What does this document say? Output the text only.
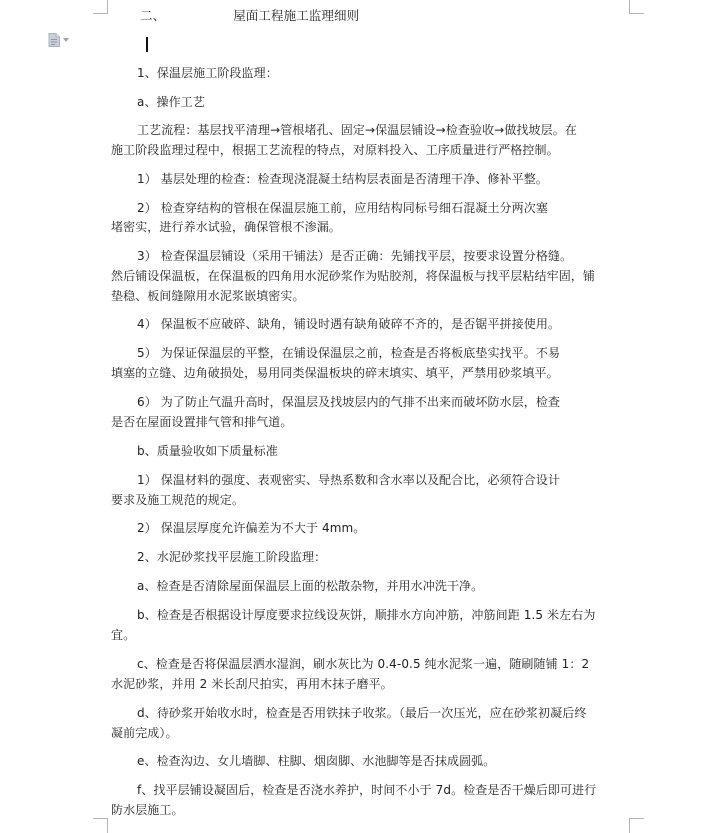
二、	屋面工程施工监理细则
1、保温层施工阶段监理：
a、操作工艺
工艺流程：基层找平清理→管根堵孔、固定→保温层铺设→检查验收→做找坡层。在
施工阶段监理过程中，根据工艺流程的特点，对原料投入、工序质量进行严格控制。
1） 基层处理的检查：检查现浇混凝土结构层表面是否清理干净、修补平整。
2） 检查穿结构的管根在保温层施工前，应用结构同标号细石混凝土分两次塞
堵密实，进行养水试验，确保管根不渗漏。
3） 检查保温层铺设（采用干铺法）是否正确：先铺找平层，按要求设置分格缝。
然后铺设保温板，在保温板的四角用水泥砂浆作为贴胶剂，将保温板与找平层粘结牢固，铺
垫稳、板间缝隙用水泥浆嵌填密实。
4） 保温板不应破碎、缺角，铺设时遇有缺角破碎不齐的，是否锯平拼接使用。
5） 为保证保温层的平整，在铺设保温层之前，检查是否将板底垫实找平。不易
填塞的立缝、边角破损处，易用同类保温板块的碎末填实、填平，严禁用砂浆填平。
6） 为了防止气温升高时，保温层及找坡层内的气排不出来而破坏防水层，检查
是否在屋面设置排气管和排气道。
b、质量验收如下质量标准
1） 保温材料的强度、表观密实、导热系数和含水率以及配合比，必须符合设计
要求及施工规范的规定。
2） 保温层厚度允许偏差为不大于 4mm。
2、水泥砂浆找平层施工阶段监理：
a、检查是否清除屋面保温层上面的松散杂物，并用水冲洗干净。
b、检查是否根据设计厚度要求拉线设灰饼，顺排水方向冲筋，冲筋间距 1.5 米左右为
宜。
c、检查是否将保温层洒水湿润，刷水灰比为 0.4-0.5 纯水泥浆一遍，随刷随铺 1：2
水泥砂浆，并用 2 米长刮尺拍实，再用木抹子磨平。
d、待砂浆开始收水时，检查是否用铁抹子收浆。（最后一次压光，应在砂浆初凝后终
凝前完成）。
e、检查沟边、女儿墙脚、柱脚、烟囱脚、水池脚等是否抹成圆弧。
f、找平层铺设凝固后，检查是否浇水养护，时间不小于 7d。检查是否干燥后即可进行
防水层施工。
